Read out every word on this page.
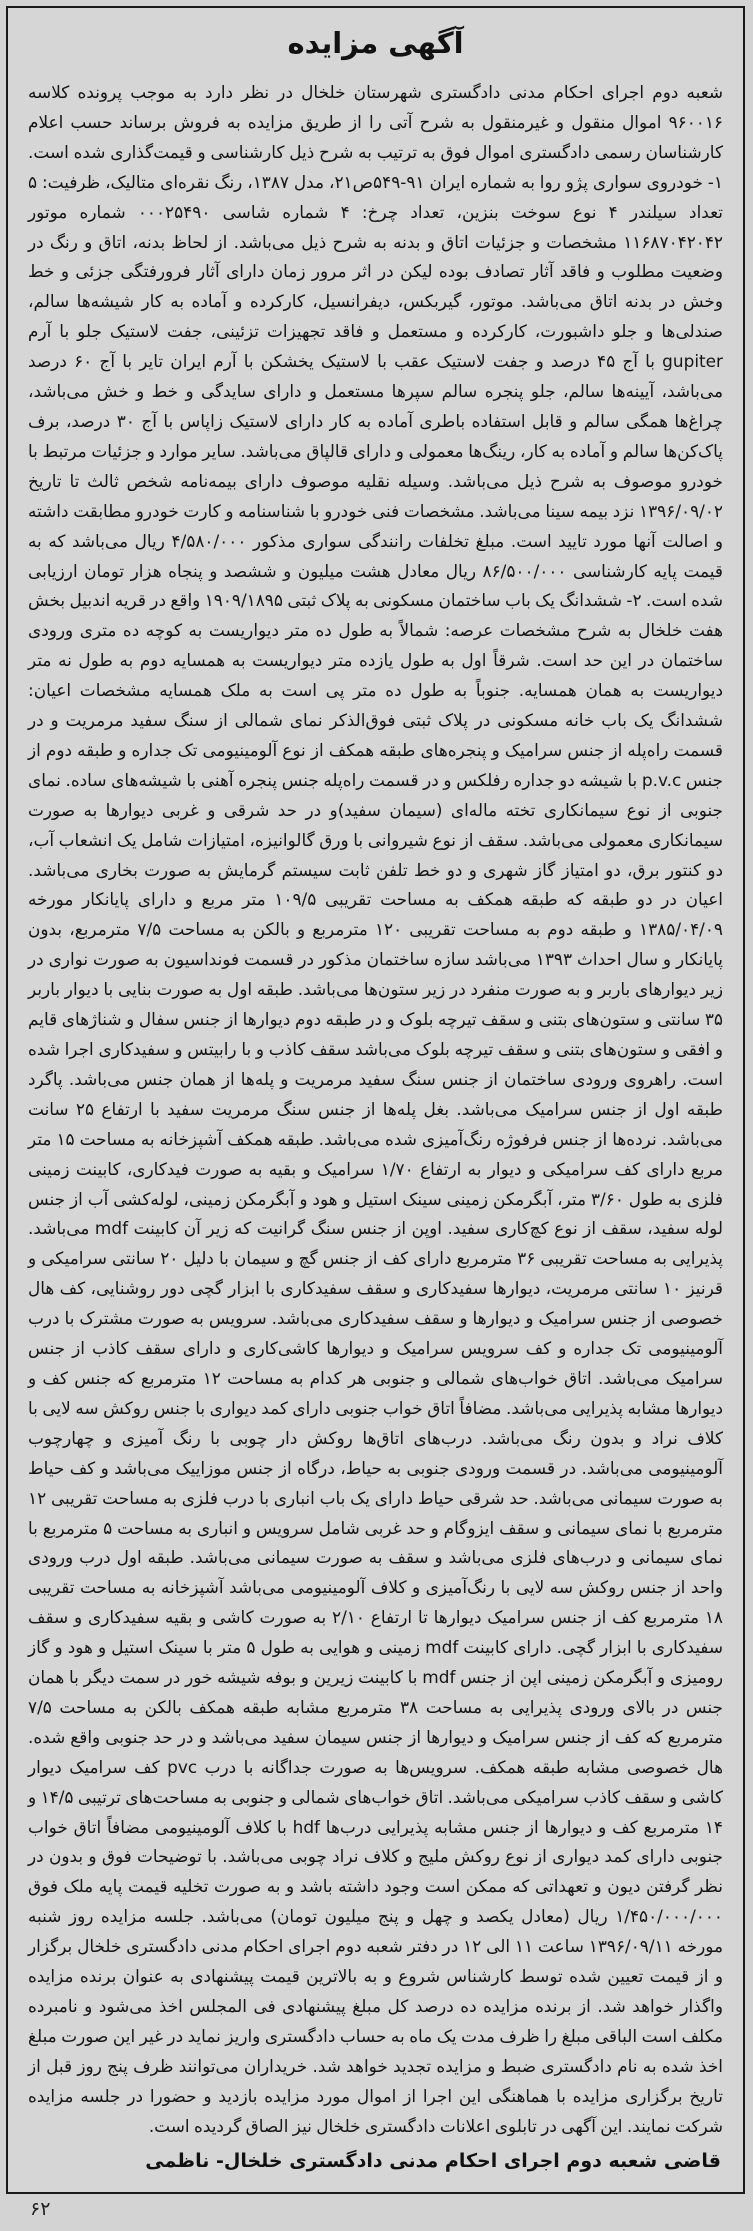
آگهی مزایده

شعبه دوم اجرای احکام مدنی دادگستری شهرستان خلخال در نظر دارد به موجب پرونده کلاسه ۹۶۰۰۱۶ اموال منقول و غیرمنقول به شرح آتی را از طریق مزایده به فروش برساند حسب اعلام کارشناسان رسمی دادگستری اموال فوق به ترتیب به شرح ذیل کارشناسی و قیمت‌گذاری شده است. ۱- خودروی سواری پژو روا به شماره ایران ۹۱-۵۴۹ص۲۱، مدل ۱۳۸۷، رنگ نقره‌ای متالیک، ظرفیت: ۵ تعداد سیلندر ۴ نوع سوخت بنزین، تعداد چرخ: ۴ شماره شاسی ۰۰۰۲۵۴۹۰ شماره موتور ۱۱۶۸۷۰۴۲۰۴۲ مشخصات و جزئیات اتاق و بدنه به شرح ذیل می‌باشد. از لحاظ بدنه، اتاق و رنگ در وضعیت مطلوب و فاقد آثار تصادف بوده لیکن در اثر مرور زمان دارای آثار فرورفتگی جزئی و خط وخش در بدنه اتاق می‌باشد. موتور، گیربکس، دیفرانسیل، کارکرده و آماده به کار شیشه‌ها سالم، صندلی‌ها و جلو داشبورت، کارکرده و مستعمل و فاقد تجهیزات تزئینی، جفت لاستیک جلو با آرم gupiter با آج ۴۵ درصد و جفت لاستیک عقب با لاستیک یخشکن با آرم ایران تایر با آج ۶۰ درصد می‌باشد، آیینه‌ها سالم، جلو پنجره سالم سپرها مستعمل و دارای سایدگی و خط و خش می‌باشد، چراغ‌ها همگی سالم و قابل استفاده باطری آماده به کار دارای لاستیک زاپاس با آج ۳۰ درصد، برف پاک‌کن‌ها سالم و آماده به کار، رینگ‌ها معمولی و دارای قالپاق می‌باشد. سایر موارد و جزئیات مرتبط با خودرو موصوف به شرح ذیل می‌باشد. وسیله نقلیه موصوف دارای بیمه‌نامه شخص ثالث تا تاریخ ۱۳۹۶/۰۹/۰۲ نزد بیمه سینا می‌باشد. مشخصات فنی خودرو با شناسنامه و کارت خودرو مطابقت داشته و اصالت آنها مورد تایید است. مبلغ تخلفات رانندگی سواری مذکور ۴/۵۸۰/۰۰۰ ریال می‌باشد که به قیمت پایه کارشناسی ۸۶/۵۰۰/۰۰۰ ریال معادل هشت میلیون و ششصد و پنجاه هزار تومان ارزیابی شده است. ۲- ششدانگ یک باب ساختمان مسکونی به پلاک ثبتی ۱۹۰۹/۱۸۹۵ واقع در قریه اندبیل بخش هفت خلخال به شرح مشخصات عرصه: شمالاً به طول ده متر دیواریست به کوچه ده متری ورودی ساختمان در این حد است. شرقاً اول به طول یازده متر دیواریست به همسایه دوم به طول نه متر دیواریست به همان همسایه. جنوباً به طول ده متر پی است به ملک همسایه مشخصات اعیان: ششدانگ یک باب خانه مسکونی در پلاک ثبتی فوق‌الذکر نمای شمالی از سنگ سفید مرمریت و در قسمت راه‌پله از جنس سرامیک و پنجره‌های طبقه همکف از نوع آلومینیومی تک جداره و طبقه دوم از جنس p.v.c با شیشه دو جداره رفلکس و در قسمت راه‌پله جنس پنجره آهنی با شیشه‌های ساده. نمای جنوبی از نوع سیمانکاری تخته ماله‌ای (سیمان سفید)و در حد شرقی و غربی دیوارها به صورت سیمانکاری معمولی می‌باشد. سقف از نوع شیروانی با ورق گالوانیزه، امتیازات شامل یک انشعاب آب، دو کنتور برق، دو امتیاز گاز شهری و دو خط تلفن ثابت سیستم گرمایش به صورت بخاری می‌باشد. اعیان در دو طبقه که طبقه همکف به مساحت تقریبی ۱۰۹/۵ متر مربع و دارای پایانکار مورخه ۱۳۸۵/۰۴/۰۹ و طبقه دوم به مساحت تقریبی ۱۲۰ مترمربع و بالکن به مساحت ۷/۵ مترمربع، بدون پایانکار و سال احداث ۱۳۹۳ می‌باشد سازه ساختمان مذکور در قسمت فونداسیون به صورت نواری در زیر دیوارهای باربر و به صورت منفرد در زیر ستون‌ها می‌باشد. طبقه اول به صورت بنایی با دیوار باربر ۳۵ سانتی و ستون‌های بتنی و سقف تیرچه بلوک و در طبقه دوم دیوارها از جنس سفال و شناژهای قایم و افقی و ستون‌های بتنی و سقف تیرچه بلوک می‌باشد سقف کاذب و با رابیتس و سفیدکاری اجرا شده است. راهروی ورودی ساختمان از جنس سنگ سفید مرمریت و پله‌ها از همان جنس می‌باشد. پاگرد طبقه اول از جنس سرامیک می‌باشد. بغل پله‌ها از جنس سنگ مرمریت سفید با ارتفاع ۲۵ سانت می‌باشد. نرده‌ها از جنس فرفوژه رنگ‌آمیزی شده می‌باشد. طبقه همکف آشپزخانه به مساحت ۱۵ متر مربع دارای کف سرامیکی و دیوار به ارتفاع ۱/۷۰ سرامیک و بقیه به صورت فیدکاری، کابینت زمینی فلزی به طول ۳/۶۰ متر، آبگرمکن زمینی سینک استیل و هود و آبگرمکن زمینی، لوله‌کشی آب از جنس لوله سفید، سقف از نوع کچ‌کاری سفید. اوپن از جنس سنگ گرانیت که زیر آن کابینت mdf می‌باشد. پذیرایی به مساحت تقریبی ۳۶ مترمربع دارای کف از جنس گچ و سیمان با دلیل ۲۰ سانتی سرامیکی و قرنیز ۱۰ سانتی مرمریت، دیوارها سفیدکاری و سقف سفیدکاری با ابزار گچی دور روشنایی، کف هال خصوصی از جنس سرامیک و دیوارها و سقف سفیدکاری می‌باشد. سرویس به صورت مشترک با درب آلومینیومی تک جداره و کف سرویس سرامیک و دیوارها کاشی‌کاری و دارای سقف کاذب از جنس سرامیک می‌باشد. اتاق خواب‌های شمالی و جنوبی هر کدام به مساحت ۱۲ مترمربع که جنس کف و دیوارها مشابه پذیرایی می‌باشد. مضافاً اتاق خواب جنوبی دارای کمد دیواری با جنس روکش سه لایی با کلاف نراد و بدون رنگ می‌باشد. درب‌های اتاق‌ها روکش دار چوبی با رنگ آمیزی و چهارچوب آلومینیومی می‌باشد. در قسمت ورودی جنوبی به حیاط، درگاه از جنس موزاییک می‌باشد و کف حیاط به صورت سیمانی می‌باشد. حد شرقی حیاط دارای یک باب انباری با درب فلزی به مساحت تقریبی ۱۲ مترمربع با نمای سیمانی و سقف ایزوگام و حد غربی شامل سرویس و انباری به مساحت ۵ مترمربع با نمای سیمانی و درب‌های فلزی می‌باشد و سقف به صورت سیمانی می‌باشد. طبقه اول درب ورودی واحد از جنس روکش سه لایی با رنگ‌آمیزی و کلاف آلومینیومی می‌باشد آشپزخانه به مساحت تقریبی ۱۸ مترمربع کف از جنس سرامیک دیوارها تا ارتفاع ۲/۱۰ به صورت کاشی و بقیه سفیدکاری و سقف سفیدکاری با ابزار گچی. دارای کابینت mdf زمینی و هوایی به طول ۵ متر با سینک استیل و هود و گاز رومیزی و آبگرمکن زمینی اپن از جنس mdf با کابینت زیرین و بوفه شیشه خور در سمت دیگر با همان جنس در بالای ورودی پذیرایی به مساحت ۳۸ مترمربع مشابه طبقه همکف بالکن به مساحت ۷/۵ مترمربع که کف از جنس سرامیک و دیوارها از جنس سیمان سفید می‌باشد و در حد جنوبی واقع شده. هال خصوصی مشابه طبقه همکف. سرویس‌ها به صورت جداگانه با درب pvc کف سرامیک دیوار کاشی و سقف کاذب سرامیکی می‌باشد. اتاق خواب‌های شمالی و جنوبی به مساحت‌های ترتیبی ۱۴/۵ و ۱۴ مترمربع کف و دیوارها از جنس مشابه پذیرایی درب‌ها hdf با کلاف آلومینیومی مضافاً اتاق خواب جنوبی دارای کمد دیواری از نوع روکش ملیج و کلاف نراد چوبی می‌باشد. با توضیحات فوق و بدون در نظر گرفتن دیون و تعهداتی که ممکن است وجود داشته باشد و به صورت تخلیه قیمت پایه ملک فوق ۱/۴۵۰/۰۰۰/۰۰۰ ریال (معادل یکصد و چهل و پنج میلیون تومان) می‌باشد. جلسه مزایده روز شنبه مورخه ۱۳۹۶/۰۹/۱۱ ساعت ۱۱ الی ۱۲ در دفتر شعبه دوم اجرای احکام مدنی دادگستری خلخال برگزار و از قیمت تعیین شده توسط کارشناس شروع و به بالاترین قیمت پیشنهادی به عنوان برنده مزایده واگذار خواهد شد. از برنده مزایده ده درصد کل مبلغ پیشنهادی فی المجلس اخذ می‌شود و نامبرده مکلف است الباقی مبلغ را ظرف مدت یک ماه به حساب دادگستری واریز نماید در غیر این صورت مبلغ اخذ شده به نام دادگستری ضبط و مزایده تجدید خواهد شد. خریداران می‌توانند ظرف پنج روز قبل از تاریخ برگزاری مزایده با هماهنگی این اجرا از اموال مورد مزایده بازدید و حضورا در جلسه مزایده شرکت نمایند. این آگهی در تابلوی اعلانات دادگستری خلخال نیز الصاق گردیده است.

قاضی شعبه دوم اجرای احکام مدنی دادگستری خلخال- ناظمی
۶۲
